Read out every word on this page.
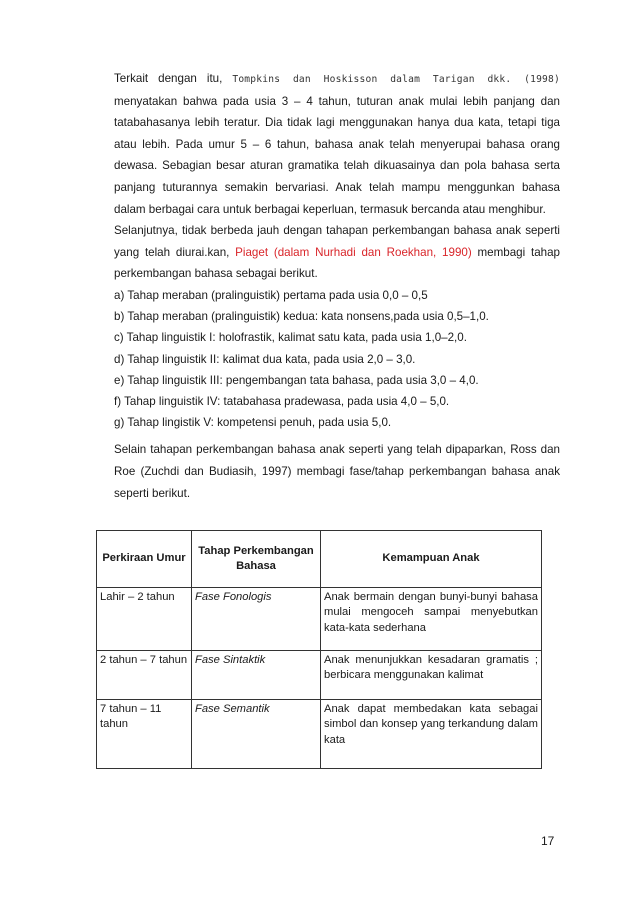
Terkait dengan itu, Tompkins dan Hoskisson dalam Tarigan dkk. (1998) menyatakan bahwa pada usia 3 – 4 tahun, tuturan anak mulai lebih panjang dan tatabahasanya lebih teratur. Dia tidak lagi menggunakan hanya dua kata, tetapi tiga atau lebih. Pada umur 5 – 6 tahun, bahasa anak telah menyerupai bahasa orang dewasa. Sebagian besar aturan gramatika telah dikuasainya dan pola bahasa serta panjang tuturannya semakin bervariasi. Anak telah mampu menggunkan bahasa dalam berbagai cara untuk berbagai keperluan, termasuk bercanda atau menghibur.

Selanjutnya, tidak berbeda jauh dengan tahapan perkembangan bahasa anak seperti yang telah diurai.kan, Piaget (dalam Nurhadi dan Roekhan, 1990) membagi tahap perkembangan bahasa sebagai berikut.

a) Tahap meraban (pralinguistik) pertama pada usia 0,0 – 0,5
b) Tahap meraban (pralinguistik) kedua: kata nonsens,pada usia 0,5–1,0.
c) Tahap linguistik I: holofrastik, kalimat satu kata, pada usia 1,0–2,0.
d) Tahap linguistik II: kalimat dua kata, pada usia 2,0 – 3,0.
e) Tahap linguistik III: pengembangan tata bahasa, pada usia 3,0 – 4,0.
f) Tahap linguistik IV: tatabahasa pradewasa, pada usia 4,0 – 5,0.
g) Tahap lingistik V: kompetensi penuh, pada usia 5,0.

Selain tahapan perkembangan bahasa anak seperti yang telah dipaparkan, Ross dan Roe (Zuchdi dan Budiasih, 1997) membagi fase/tahap perkembangan bahasa anak seperti berikut.

Perkiraan Umur	Tahap Perkembangan Bahasa	Kemampuan Anak
Lahir – 2 tahun	Fase Fonologis	Anak bermain dengan bunyi-bunyi bahasa mulai mengoceh sampai menyebutkan kata-kata sederhana
2 tahun – 7 tahun	Fase Sintaktik	Anak menunjukkan kesadaran gramatis ; berbicara menggunakan kalimat
7 tahun – 11 tahun	Fase Semantik	Anak dapat membedakan kata sebagai simbol dan konsep yang terkandung dalam kata
17
